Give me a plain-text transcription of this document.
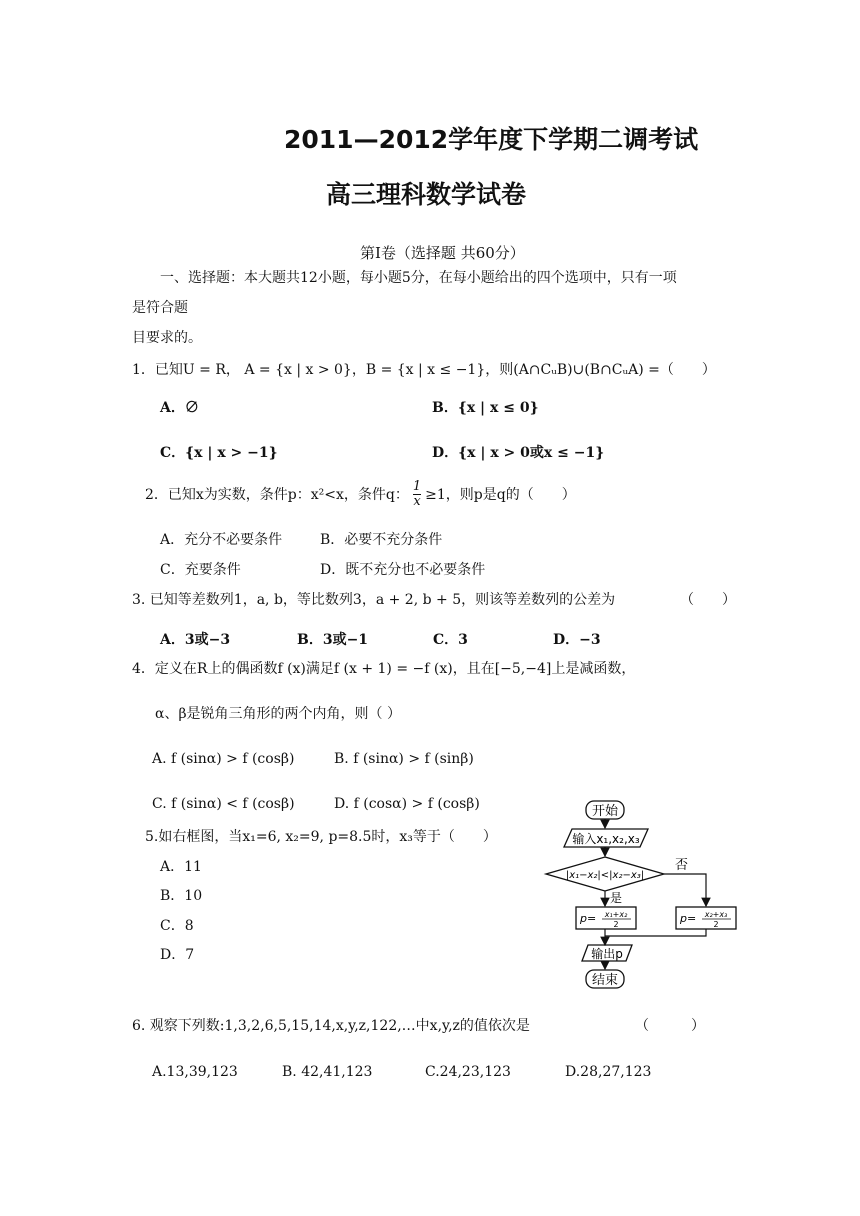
2011—2012学年度下学期二调考试
高三理科数学试卷
第Ⅰ卷（选择题 共60分）
一、选择题：本大题共12小题，每小题5分，在每小题给出的四个选项中，只有一项
是符合题
目要求的。
1．已知U = R， A = {x | x > 0}，B = {x | x ≤ −1}，则(A∩CᵤB)∪(B∩CᵤA) =（　　）
A．∅	B．{x | x ≤ 0}
C．{x | x > −1}	D．{x | x > 0或x ≤ −1}
2．已知x为实数，条件p：x²<x，条件q： $\frac{1}{x} \ge 1$，则p是q的（　　）
A．充分不必要条件	B．必要不充分条件
C．充要条件	D．既不充分也不必要条件
3. 已知等差数列1，a, b，等比数列3，a + 2, b + 5，则该等差数列的公差为	（　　）
A．3或−3	B．3或−1	C．3	D．−3
4．定义在R上的偶函数f (x)满足f (x + 1) = −f (x)，且在[−5,−4]上是减函数，
α、β是锐角三角形的两个内角，则（ ）
A. f (sinα) > f (cosβ)	B. f (sinα) > f (sinβ)
C. f (sinα) < f (cosβ)	D. f (cosα) > f (cosβ)
5.如右框图，当x₁=6, x₂=9, p=8.5时，x₃等于（　　）
A．11
B．10
C．8
D．7
开始
输入x₁,x₂,x₃
|x₁−x₂|<|x₂−x₃|
是
否
p= x₁+x₂
2	p= x₂+x₃
2
输出p
结束
6. 观察下列数:1,3,2,6,5,15,14,x,y,z,122,…中x,y,z的值依次是	（　　　）
A.13,39,123	B. 42,41,123	C.24,23,123	D.28,27,123
